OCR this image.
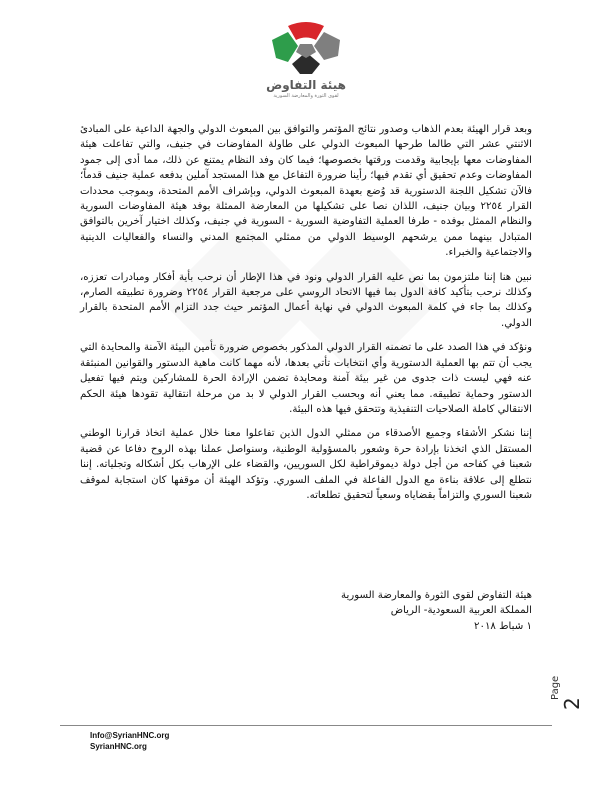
هيئة التفاوض
لقوى الثورة والمعارضة السورية

وبعد قرار الهيئة بعدم الذهاب وصدور نتائج المؤتمر والتوافق بين المبعوث الدولي والجهة الداعية على المبادئ الاثنتي عشر التي طالما طرحها المبعوث الدولي على طاولة المفاوضات في جنيف، والتي تفاعلت هيئة المفاوضات معها بإيجابية وقدمت ورقتها بخصوصها؛ فيما كان وفد النظام يمتنع عن ذلك، مما أدى إلى جمود المفاوضات وعدم تحقيق أي تقدم فيها؛ رأينا ضرورة التفاعل مع هذا المستجد آملين بدفعه عملية جنيف قدماً؛ فالآن تشكيل اللجنة الدستورية قد وُضع بعهدة المبعوث الدولي، وبإشراف الأمم المتحدة، وبموجب محددات القرار ٢٢٥٤ وبيان جنيف، اللذان نصا على تشكيلها من المعارضة الممثلة بوفد هيئة المفاوضات السورية والنظام الممثل بوفده - طرفا العملية التفاوضية السورية - السورية في جنيف، وكذلك اختيار آخرين بالتوافق المتبادل بينهما ممن يرشحهم الوسيط الدولي من ممثلي المجتمع المدني والنساء والفعاليات الدينية والاجتماعية والخبراء.

نبين هنا إننا ملتزمون بما نص عليه القرار الدولي ونود في هذا الإطار أن نرحب بأية أفكار ومبادرات تعززه، وكذلك نرحب بتأكيد كافة الدول بما فيها الاتحاد الروسي على مرجعية القرار ٢٢٥٤ وضرورة تطبيقه الصارم، وكذلك بما جاء في كلمة المبعوث الدولي في نهاية أعمال المؤتمر حيث جدد التزام الأمم المتحدة بالقرار الدولي.

ونؤكد في هذا الصدد على ما تضمنه القرار الدولي المذكور بخصوص ضرورة تأمين البيئة الآمنة والمحايدة التي يجب أن تتم بها العملية الدستورية وأي انتخابات تأتي بعدها، لأنه مهما كانت ماهية الدستور والقوانين المنبثقة عنه فهي ليست ذات جدوى من غير بيئة آمنة ومحايدة تضمن الإرادة الحرة للمشاركين ويتم فيها تفعيل الدستور وحماية تطبيقه. مما يعني أنه وبحسب القرار الدولي لا بد من مرحلة انتقالية تقودها هيئة الحكم الانتقالي كاملة الصلاحيات التنفيذية وتتحقق فيها هذه البيئة.

إننا نشكر الأشقاء وجميع الأصدقاء من ممثلي الدول الذين تفاعلوا معنا خلال عملية اتخاذ قرارنا الوطني المستقل الذي اتخذنا بإرادة حرة وشعور بالمسؤولية الوطنية، وسنواصل عملنا بهذه الروح دفاعا عن قضية شعبنا في كفاحه من أجل دولة ديموقراطية لكل السوريين، والقضاء على الإرهاب بكل أشكاله وتجلياته. إننا نتطلع إلى علاقة بناءة مع الدول الفاعلة في الملف السوري. وتؤكد الهيئة أن موقفها كان استجابة لموقف شعبنا السوري والتزاماً بقضاياه وسعياً لتحقيق تطلعاته.

هيئة التفاوض لقوى الثورة والمعارضة السورية
المملكة العربية السعودية- الرياض
١ شباط ٢٠١٨
Page
2
Info@SyrianHNC.org
SyrianHNC.org
